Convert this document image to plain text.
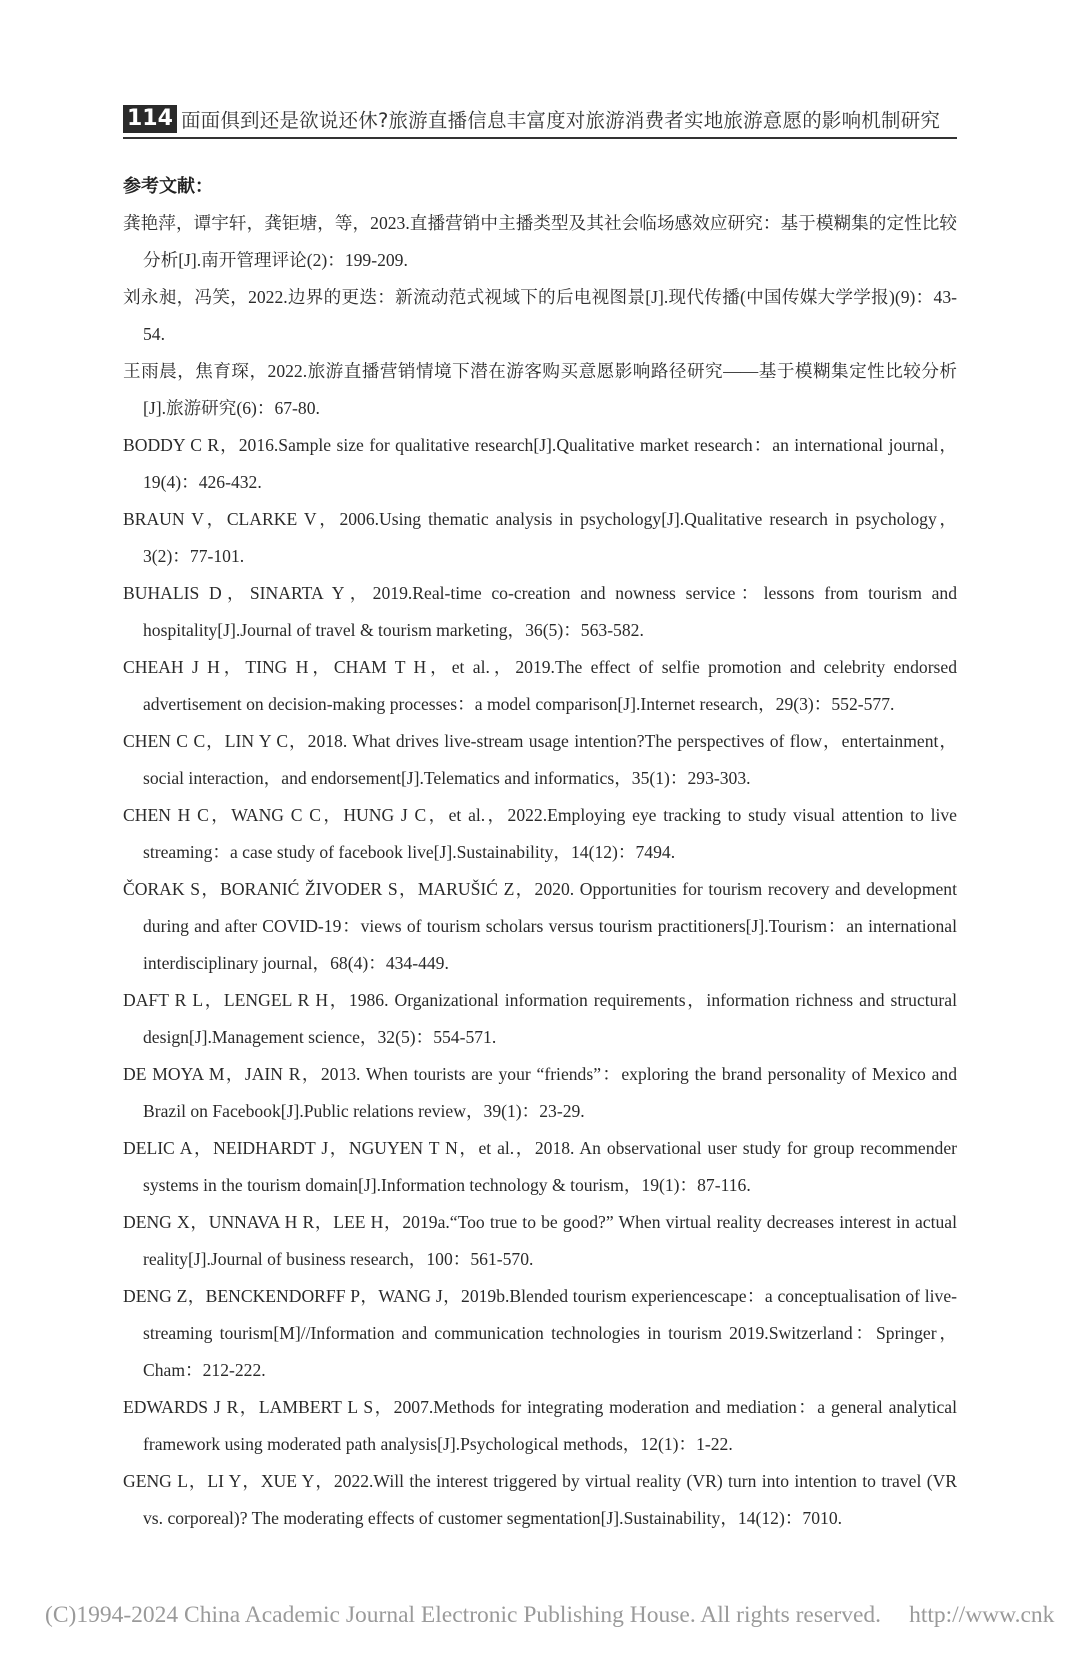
114 面面俱到还是欲说还休?旅游直播信息丰富度对旅游消费者实地旅游意愿的影响机制研究
参考文献：

龚艳萍，谭宇轩，龚钜塘，等，2023.直播营销中主播类型及其社会临场感效应研究：基于模糊集的定性比较分析[J].南开管理评论(2)：199-209.

刘永昶，冯笑，2022.边界的更迭：新流动范式视域下的后电视图景[J].现代传播(中国传媒大学学报)(9)：43-54.

王雨晨，焦育琛，2022.旅游直播营销情境下潜在游客购买意愿影响路径研究——基于模糊集定性比较分析[J].旅游研究(6)：67-80.

BODDY C R，2016.Sample size for qualitative research[J].Qualitative market research：an international journal，19(4)：426-432.

BRAUN V，CLARKE V，2006.Using thematic analysis in psychology[J].Qualitative research in psychology，3(2)：77-101.

BUHALIS D，SINARTA Y，2019.Real-time co-creation and nowness service：lessons from tourism and hospitality[J].Journal of travel & tourism marketing，36(5)：563-582.

CHEAH J H，TING H，CHAM T H，et al.，2019.The effect of selfie promotion and celebrity endorsed advertisement on decision-making processes：a model comparison[J].Internet research，29(3)：552-577.

CHEN C C，LIN Y C，2018. What drives live-stream usage intention?The perspectives of flow，entertainment，social interaction，and endorsement[J].Telematics and informatics，35(1)：293-303.

CHEN H C，WANG C C，HUNG J C，et al.，2022.Employing eye tracking to study visual attention to live streaming：a case study of facebook live[J].Sustainability，14(12)：7494.

ČORAK S，BORANIĆ ŽIVODER S，MARUŠIĆ Z，2020. Opportunities for tourism recovery and development during and after COVID-19：views of tourism scholars versus tourism practitioners[J].Tourism：an international interdisciplinary journal，68(4)：434-449.

DAFT R L，LENGEL R H，1986. Organizational information requirements，information richness and structural design[J].Management science，32(5)：554-571.

DE MOYA M，JAIN R，2013. When tourists are your “friends”：exploring the brand personality of Mexico and Brazil on Facebook[J].Public relations review，39(1)：23-29.

DELIC A，NEIDHARDT J，NGUYEN T N，et al.，2018. An observational user study for group recommender systems in the tourism domain[J].Information technology & tourism，19(1)：87-116.

DENG X，UNNAVA H R，LEE H，2019a.“Too true to be good?” When virtual reality decreases interest in actual reality[J].Journal of business research，100：561-570.

DENG Z，BENCKENDORFF P，WANG J，2019b.Blended tourism experiencescape：a conceptualisation of live-streaming tourism[M]//Information and communication technologies in tourism 2019.Switzerland：Springer，Cham：212-222.

EDWARDS J R，LAMBERT L S，2007.Methods for integrating moderation and mediation：a general analytical framework using moderated path analysis[J].Psychological methods，12(1)：1-22.

GENG L，LI Y，XUE Y，2022.Will the interest triggered by virtual reality (VR) turn into intention to travel (VR vs. corporeal)? The moderating effects of customer segmentation[J].Sustainability，14(12)：7010.

(C)1994-2024 China Academic Journal Electronic Publishing House. All rights reserved. http://www.cnk
